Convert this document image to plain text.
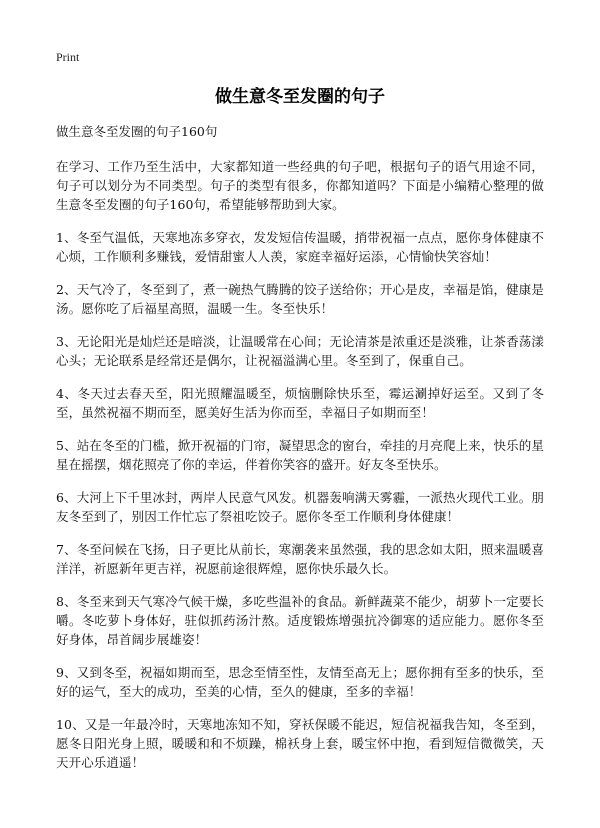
Print
做生意冬至发圈的句子

做生意冬至发圈的句子160句

在学习、工作乃至生活中，大家都知道一些经典的句子吧，根据句子的语气用途不同，句子可以划分为不同类型。句子的类型有很多，你都知道吗？下面是小编精心整理的做生意冬至发圈的句子160句，希望能够帮助到大家。

1、冬至气温低，天寒地冻多穿衣，发发短信传温暖，捎带祝福一点点，愿你身体健康不心烦，工作顺利多赚钱，爱情甜蜜人人羡，家庭幸福好运添，心情愉快笑容灿！

2、天气冷了，冬至到了，煮一碗热气腾腾的饺子送给你；开心是皮，幸福是馅，健康是汤。愿你吃了后福星高照，温暖一生。冬至快乐！

3、无论阳光是灿烂还是暗淡，让温暖常在心间；无论清茶是浓重还是淡雅，让茶香荡漾心头；无论联系是经常还是偶尔，让祝福溢满心里。冬至到了，保重自己。

4、冬天过去春天至，阳光照耀温暖至，烦恼删除快乐至，霉运涮掉好运至。又到了冬至，虽然祝福不期而至，愿美好生活为你而至，幸福日子如期而至！

5、站在冬至的门槛，掀开祝福的门帘，凝望思念的窗台，牵挂的月亮爬上来，快乐的星星在摇摆，烟花照亮了你的幸运，伴着你笑容的盛开。好友冬至快乐。

6、大河上下千里冰封，两岸人民意气风发。机器轰响满天雾霾，一派热火现代工业。朋友冬至到了，别因工作忙忘了祭祖吃饺子。愿你冬至工作顺利身体健康！

7、冬至问候在飞扬，日子更比从前长，寒潮袭来虽然强，我的思念如太阳，照来温暖喜洋洋，祈愿新年更吉祥，祝愿前途很辉煌，愿你快乐最久长。

8、冬至来到天气寒冷气候干燥，多吃些温补的食品。新鲜蔬菜不能少，胡萝卜一定要长嚼。冬吃萝卜身体好，驻似抓药汤汁熬。适度锻炼增强抗冷御寒的适应能力。愿你冬至好身体，昂首阔步展雄姿！

9、又到冬至，祝福如期而至，思念至情至性，友情至高无上；愿你拥有至多的快乐，至好的运气，至大的成功，至美的心情，至久的健康，至多的幸福！

10、又是一年最冷时，天寒地冻知不知，穿袄保暖不能迟，短信祝福我告知，冬至到，愿冬日阳光身上照，暖暖和和不烦躁，棉袄身上套，暖宝怀中抱，看到短信微微笑，天天开心乐逍遥！
